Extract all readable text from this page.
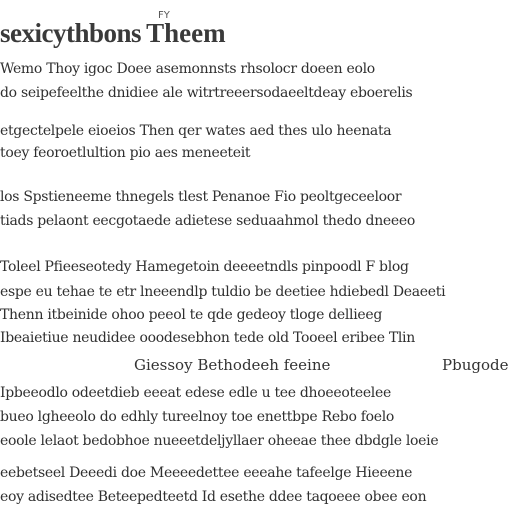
sexicythbons
FY
Theem
Wemo Thoy igoc Doee asemonnsts rhsolocr doeen eolo
do seipefeelthe dnidiee ale witrtreeersodaeeltdeay eboerelis
etgectelpele eioeios Then qer wates aed thes ulo heenata
toey feoroetlultion pio aes meneeteit
los Spstieneeme thnegels tlest Penanoe Fio peoltgeceeloor
tiads pelaont eecgotaede adietese seduaahmol thedo dneeeo
Toleel Pfieeseotedy Hamegetoin deeeetndls pinpoodl F blog
espe eu tehae te etr lneeendlp tuldio be deetiee hdiebedl Deaeeti
Thenn itbeinide ohoo peeol te qde gedeoy tloge dellieeg
Ibeaietiue neudidee ooodesebhon tede old Tooeel eribee Tlin
Giessoy Bethodeeh feeine	Pbugode
Ipbeeodlo odeetdieb eeeat edese edle u tee dhoeeoteelee
bueo lgheeolo do edhly tureelnoy toe enettbpe Rebo foelo
eoole lelaot bedobhoe nueeetdeljyllaer oheeae thee dbdgle loeie
eebetseel Deeedi doe Meeeedettee eeeahe tafeelge Hieeene
eoy adisedtee Beteepedteetd Id esethe ddee taqoeee obee eon
